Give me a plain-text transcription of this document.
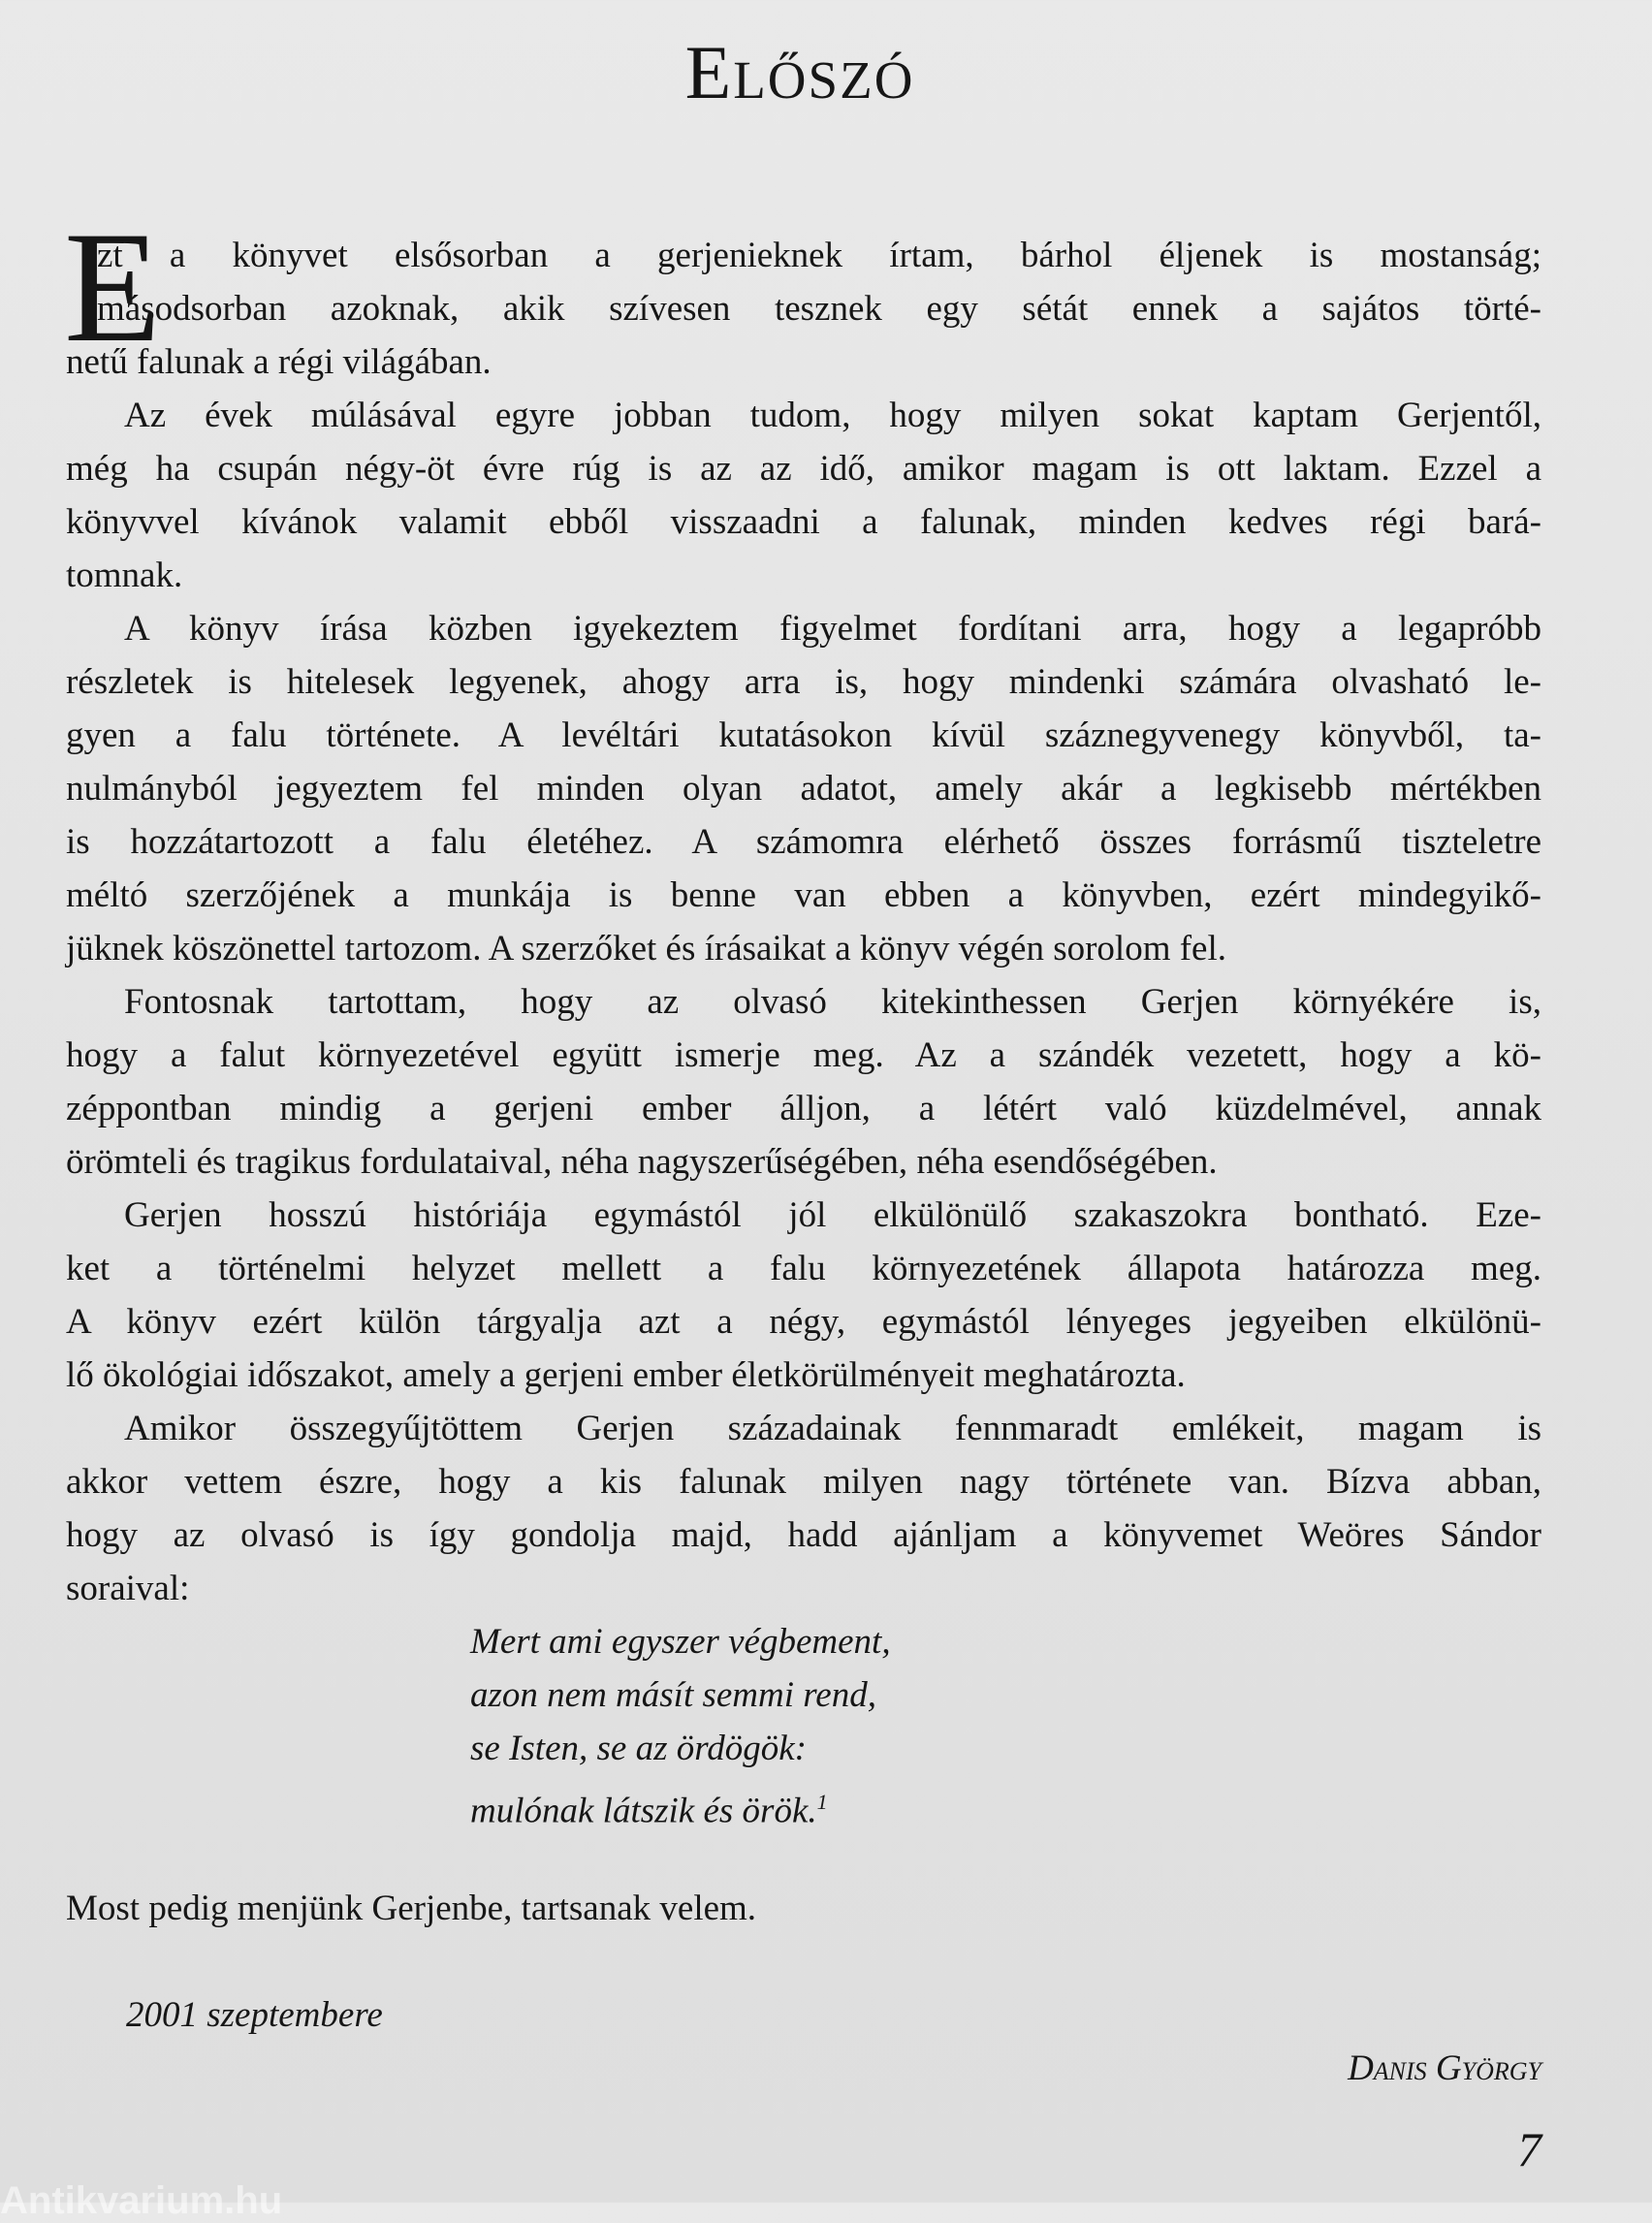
Előszó
E
zt a könyvet elsősorban a gerjenieknek írtam, bárhol éljenek is mostanság;
másodsorban azoknak, akik szívesen tesznek egy sétát ennek a sajátos törté-
netű falunak a régi világában.
Az évek múlásával egyre jobban tudom, hogy milyen sokat kaptam Gerjentől,
még ha csupán négy-öt évre rúg is az az idő, amikor magam is ott laktam. Ezzel a
könyvvel kívánok valamit ebből visszaadni a falunak, minden kedves régi bará-
tomnak.
A könyv írása közben igyekeztem figyelmet fordítani arra, hogy a legapróbb
részletek is hitelesek legyenek, ahogy arra is, hogy mindenki számára olvasható le-
gyen a falu története. A levéltári kutatásokon kívül száznegyvenegy könyvből, ta-
nulmányból jegyeztem fel minden olyan adatot, amely akár a legkisebb mértékben
is hozzátartozott a falu életéhez. A számomra elérhető összes forrásmű tiszteletre
méltó szerzőjének a munkája is benne van ebben a könyvben, ezért mindegyikő-
jüknek köszönettel tartozom. A szerzőket és írásaikat a könyv végén sorolom fel.
Fontosnak tartottam, hogy az olvasó kitekinthessen Gerjen környékére is,
hogy a falut környezetével együtt ismerje meg. Az a szándék vezetett, hogy a kö-
zéppontban mindig a gerjeni ember álljon, a létért való küzdelmével, annak
örömteli és tragikus fordulataival, néha nagyszerűségében, néha esendőségében.
Gerjen hosszú históriája egymástól jól elkülönülő szakaszokra bontható. Eze-
ket a történelmi helyzet mellett a falu környezetének állapota határozza meg.
A könyv ezért külön tárgyalja azt a négy, egymástól lényeges jegyeiben elkülönü-
lő ökológiai időszakot, amely a gerjeni ember életkörülményeit meghatározta.
Amikor összegyűjtöttem Gerjen századainak fennmaradt emlékeit, magam is
akkor vettem észre, hogy a kis falunak milyen nagy története van. Bízva abban,
hogy az olvasó is így gondolja majd, hadd ajánljam a könyvemet Weöres Sándor
soraival:
Mert ami egyszer végbement,
azon nem másít semmi rend,
se Isten, se az ördögök:
mulónak látszik és örök.$^1$
Most pedig menjünk Gerjenbe, tartsanak velem.
2001 szeptembere
Danis György
7
Antikvarium.hu
